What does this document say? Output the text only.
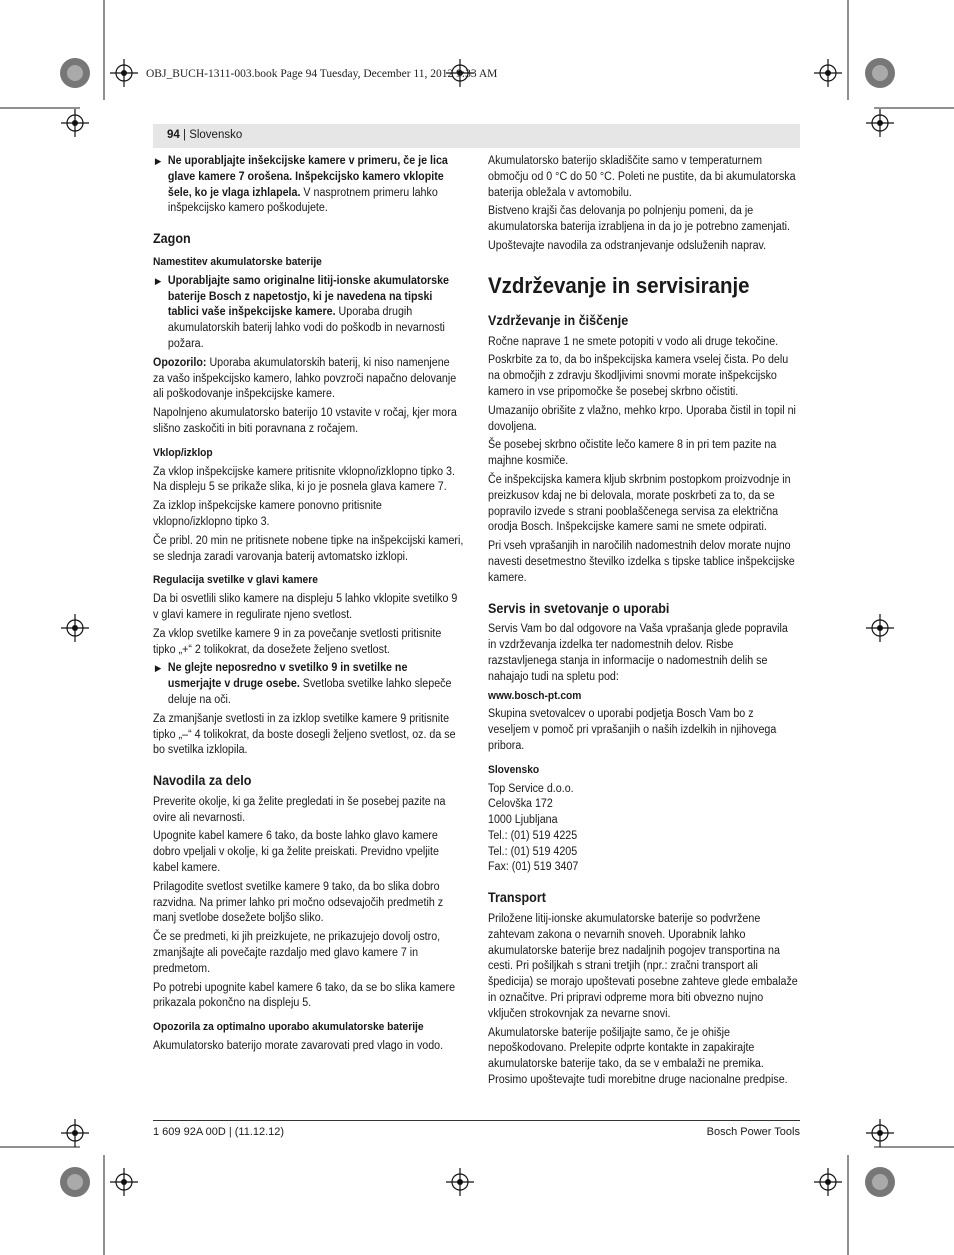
OBJ_BUCH-1311-003.book Page 94 Tuesday, December 11, 2012 9:33 AM
94 | Slovensko
▶ Ne uporabljajte inšekcijske kamere v primeru, če je lica glave kamere 7 orošena. Inšpekcijsko kamero vklopite šele, ko je vlaga izhlapela. V nasprotnem primeru lahko inšpekcijsko kamero poškodujete.
Zagon
Namestitev akumulatorske baterije
▶ Uporabljajte samo originalne litij-ionske akumulatorske baterije Bosch z napetostjo, ki je navedena na tipski tablici vaše inšpekcijske kamere. Uporaba drugih akumulatorskih baterij lahko vodi do poškodb in nevarnosti požara.
Opozorilo: Uporaba akumulatorskih baterij, ki niso namenjene za vašo inšpekcijsko kamero, lahko povzroči napačno delovanje ali poškodovanje inšpekcijske kamere.
Napolnjeno akumulatorsko baterijo 10 vstavite v ročaj, kjer mora slišno zaskočiti in biti poravnana z ročajem.
Vklop/izklop
Za vklop inšpekcijske kamere pritisnite vklopno/izklopno tipko 3. Na displeju 5 se prikaže slika, ki jo je posnela glava kamere 7.
Za izklop inšpekcijske kamere ponovno pritisnite vklopno/izklopno tipko 3.
Če pribl. 20 min ne pritisnete nobene tipke na inšpekcijski kameri, se slednja zaradi varovanja baterij avtomatsko izklopi.
Regulacija svetilke v glavi kamere
Da bi osvetlili sliko kamere na displeju 5 lahko vklopite svetilko 9 v glavi kamere in regulirate njeno svetlost.
Za vklop svetilke kamere 9 in za povečanje svetlosti pritisnite tipko „+“ 2 tolikokrat, da dosežete željeno svetlost.
▶ Ne glejte neposredno v svetilko 9 in svetilke ne usmerjajte v druge osebe. Svetloba svetilke lahko slepeče deluje na oči.
Za zmanjšanje svetlosti in za izklop svetilke kamere 9 pritisnite tipko „–“ 4 tolikokrat, da boste dosegli željeno svetlost, oz. da se bo svetilka izklopila.
Navodila za delo
Preverite okolje, ki ga želite pregledati in še posebej pazite na ovire ali nevarnosti.
Upognite kabel kamere 6 tako, da boste lahko glavo kamere dobro vpeljali v okolje, ki ga želite preiskati. Previdno vpeljite kabel kamere.
Prilagodite svetlost svetilke kamere 9 tako, da bo slika dobro razvidna. Na primer lahko pri močno odsevajočih predmetih z manj svetlobe dosežete boljšo sliko.
Če se predmeti, ki jih preizkujete, ne prikazujejo dovolj ostro, zmanjšajte ali povečajte razdaljo med glavo kamere 7 in predmetom.
Po potrebi upognite kabel kamere 6 tako, da se bo slika kamere prikazala pokončno na displeju 5.
Opozorila za optimalno uporabo akumulatorske baterije
Akumulatorsko baterijo morate zavarovati pred vlago in vodo.
Akumulatorsko baterijo skladiščite samo v temperaturnem območju od 0 °C do 50 °C. Poleti ne pustite, da bi akumulatorska baterija obležala v avtomobilu.
Bistveno krajši čas delovanja po polnjenju pomeni, da je akumulatorska baterija izrabljena in da jo je potrebno zamenjati.
Upoštevajte navodila za odstranjevanje odsluženih naprav.
Vzdrževanje in servisiranje
Vzdrževanje in čiščenje
Ročne naprave 1 ne smete potopiti v vodo ali druge tekočine.
Poskrbite za to, da bo inšpekcijska kamera vselej čista. Po delu na območjih z zdravju škodljivimi snovmi morate inšpekcijsko kamero in vse pripomočke še posebej skrbno očistiti.
Umazanijo obrišite z vlažno, mehko krpo. Uporaba čistil in topil ni dovoljena.
Še posebej skrbno očistite lečo kamere 8 in pri tem pazite na majhne kosmiče.
Če inšpekcijska kamera kljub skrbnim postopkom proizvodnje in preizkusov kdaj ne bi delovala, morate poskrbeti za to, da se popravilo izvede s strani pooblaščenega servisa za električna orodja Bosch. Inšpekcijske kamere sami ne smete odpirati.
Pri vseh vprašanjih in naročilih nadomestnih delov morate nujno navesti desetmestno številko izdelka s tipske tablice inšpekcijske kamere.
Servis in svetovanje o uporabi
Servis Vam bo dal odgovore na Vaša vprašanja glede popravila in vzdrževanja izdelka ter nadomestnih delov. Risbe razstavljenega stanja in informacije o nadomestnih delih se nahajajo tudi na spletu pod:
www.bosch-pt.com
Skupina svetovalcev o uporabi podjetja Bosch Vam bo z veseljem v pomoč pri vprašanjih o naših izdelkih in njihovega pribora.
Slovensko
Top Service d.o.o.
Celovška 172
1000 Ljubljana
Tel.: (01) 519 4225
Tel.: (01) 519 4205
Fax: (01) 519 3407
Transport
Priložene litij-ionske akumulatorske baterije so podvržene zahtevam zakona o nevarnih snoveh. Uporabnik lahko akumulatorske baterije brez nadaljnih pogojev transportina na cesti. Pri pošiljkah s strani tretjih (npr.: zračni transport ali špedicija) se morajo upoštevati posebne zahteve glede embalaže in označitve. Pri pripravi odpreme mora biti obvezno nujno vključen strokovnjak za nevarne snovi.
Akumulatorske baterije pošiljajte samo, če je ohišje nepoškodovano. Prelepite odprte kontakte in zapakirajte akumulatorske baterije tako, da se v embalaži ne premika.
Prosimo upoštevajte tudi morebitne druge nacionalne predpise.
1 609 92A 00D | (11.12.12)	Bosch Power Tools
